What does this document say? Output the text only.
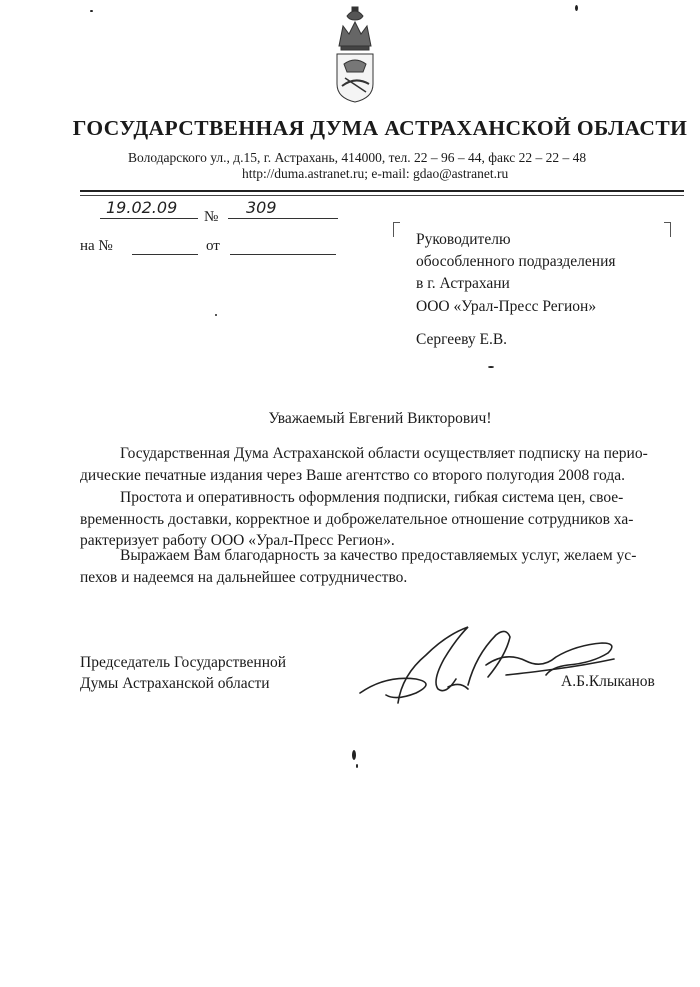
ГОСУДАРСТВЕННАЯ ДУМА АСТРАХАНСКОЙ ОБЛАСТИ
Володарского ул., д.15, г. Астрахань, 414000, тел. 22 – 96 – 44, факс 22 – 22 – 48
http://duma.astranet.ru; e-mail: gdao@astranet.ru
19.02.09 № 309
на №	от	Руководителю
обособленного подразделения
в г. Астрахани
ООО «Урал-Пресс Регион»
Сергееву Е.В.
Уважаемый Евгений Викторович!
Государственная Дума Астраханской области осуществляет подписку на перио-
дические печатные издания через Ваше агентство со второго полугодия 2008 года.
Простота и оперативность оформления подписки, гибкая система цен, свое-
временность доставки, корректное и доброжелательное отношение сотрудников ха-
рактеризует работу ООО «Урал-Пресс Регион».
Выражаем Вам благодарность за качество предоставляемых услуг, желаем ус-
пехов и надеемся на дальнейшее сотрудничество.
Председатель Государственной
Думы Астраханской области	А.Б.Клыканов
